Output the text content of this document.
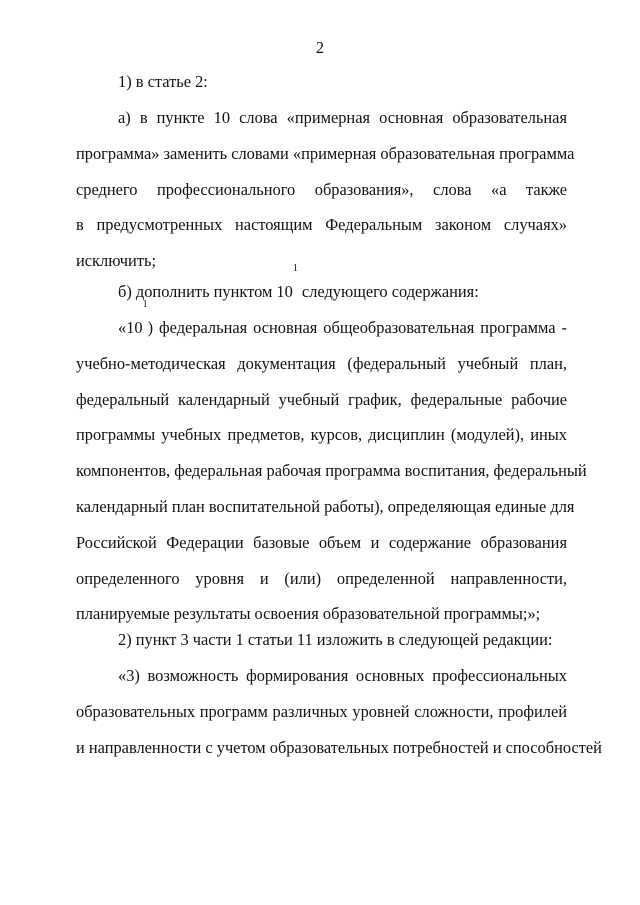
2
1) в статье 2:
а) в пункте 10 слова «примерная основная образовательная
программа» заменить словами «примерная образовательная программа
среднего профессионального образования», слова «а также
в предусмотренных настоящим Федеральным законом случаях»
исключить;
б) дополнить пунктом $10^1$ следующего содержания:
«$10^1$) федеральная основная общеобразовательная программа -
учебно-методическая документация (федеральный учебный план,
федеральный календарный учебный график, федеральные рабочие
программы учебных предметов, курсов, дисциплин (модулей), иных
компонентов, федеральная рабочая программа воспитания, федеральный
календарный план воспитательной работы), определяющая единые для
Российской Федерации базовые объем и содержание образования
определенного уровня и (или) определенной направленности,
планируемые результаты освоения образовательной программы;»;
2) пункт 3 части 1 статьи 11 изложить в следующей редакции:
«3) возможность формирования основных профессиональных
образовательных программ различных уровней сложности, профилей
и направленности с учетом образовательных потребностей и способностей
